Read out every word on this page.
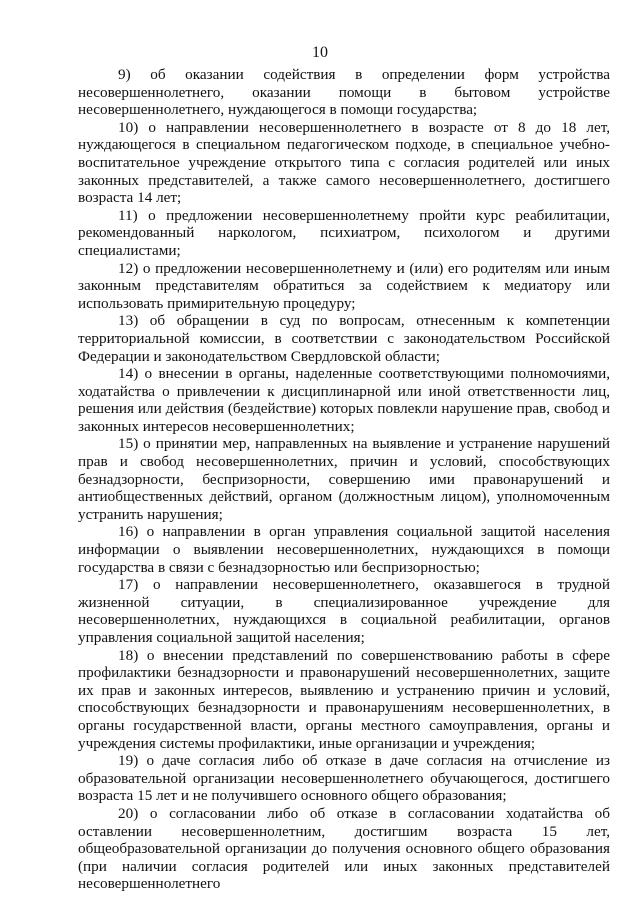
10

9) об оказании содействия в определении форм устройства несовершеннолетнего, оказании помощи в бытовом устройстве несовершеннолетнего, нуждающегося в помощи государства;

10) о направлении несовершеннолетнего в возрасте от 8 до 18 лет, нуждающегося в специальном педагогическом подходе, в специальное учебно-воспитательное учреждение открытого типа с согласия родителей или иных законных представителей, а также самого несовершеннолетнего, достигшего возраста 14 лет;

11) о предложении несовершеннолетнему пройти курс реабилитации, рекомендованный наркологом, психиатром, психологом и другими специалистами;

12) о предложении несовершеннолетнему и (или) его родителям или иным законным представителям обратиться за содействием к медиатору или использовать примирительную процедуру;

13) об обращении в суд по вопросам, отнесенным к компетенции территориальной комиссии, в соответствии с законодательством Российской Федерации и законодательством Свердловской области;

14) о внесении в органы, наделенные соответствующими полномочиями, ходатайства о привлечении к дисциплинарной или иной ответственности лиц, решения или действия (бездействие) которых повлекли нарушение прав, свобод и законных интересов несовершеннолетних;

15) о принятии мер, направленных на выявление и устранение нарушений прав и свобод несовершеннолетних, причин и условий, способствующих безнадзорности, беспризорности, совершению ими правонарушений и антиобщественных действий, органом (должностным лицом), уполномоченным устранить нарушения;

16) о направлении в орган управления социальной защитой населения информации о выявлении несовершеннолетних, нуждающихся в помощи государства в связи с безнадзорностью или беспризорностью;

17) о направлении несовершеннолетнего, оказавшегося в трудной жизненной ситуации, в специализированное учреждение для несовершеннолетних, нуждающихся в социальной реабилитации, органов управления социальной защитой населения;

18) о внесении представлений по совершенствованию работы в сфере профилактики безнадзорности и правонарушений несовершеннолетних, защите их прав и законных интересов, выявлению и устранению причин и условий, способствующих безнадзорности и правонарушениям несовершеннолетних, в органы государственной власти, органы местного самоуправления, органы и учреждения системы профилактики, иные организации и учреждения;

19) о даче согласия либо об отказе в даче согласия на отчисление из образовательной организации несовершеннолетнего обучающегося, достигшего возраста 15 лет и не получившего основного общего образования;

20) о согласовании либо об отказе в согласовании ходатайства об оставлении несовершеннолетним, достигшим возраста 15 лет, общеобразовательной организации до получения основного общего образования (при наличии согласия родителей или иных законных представителей несовершеннолетнего
